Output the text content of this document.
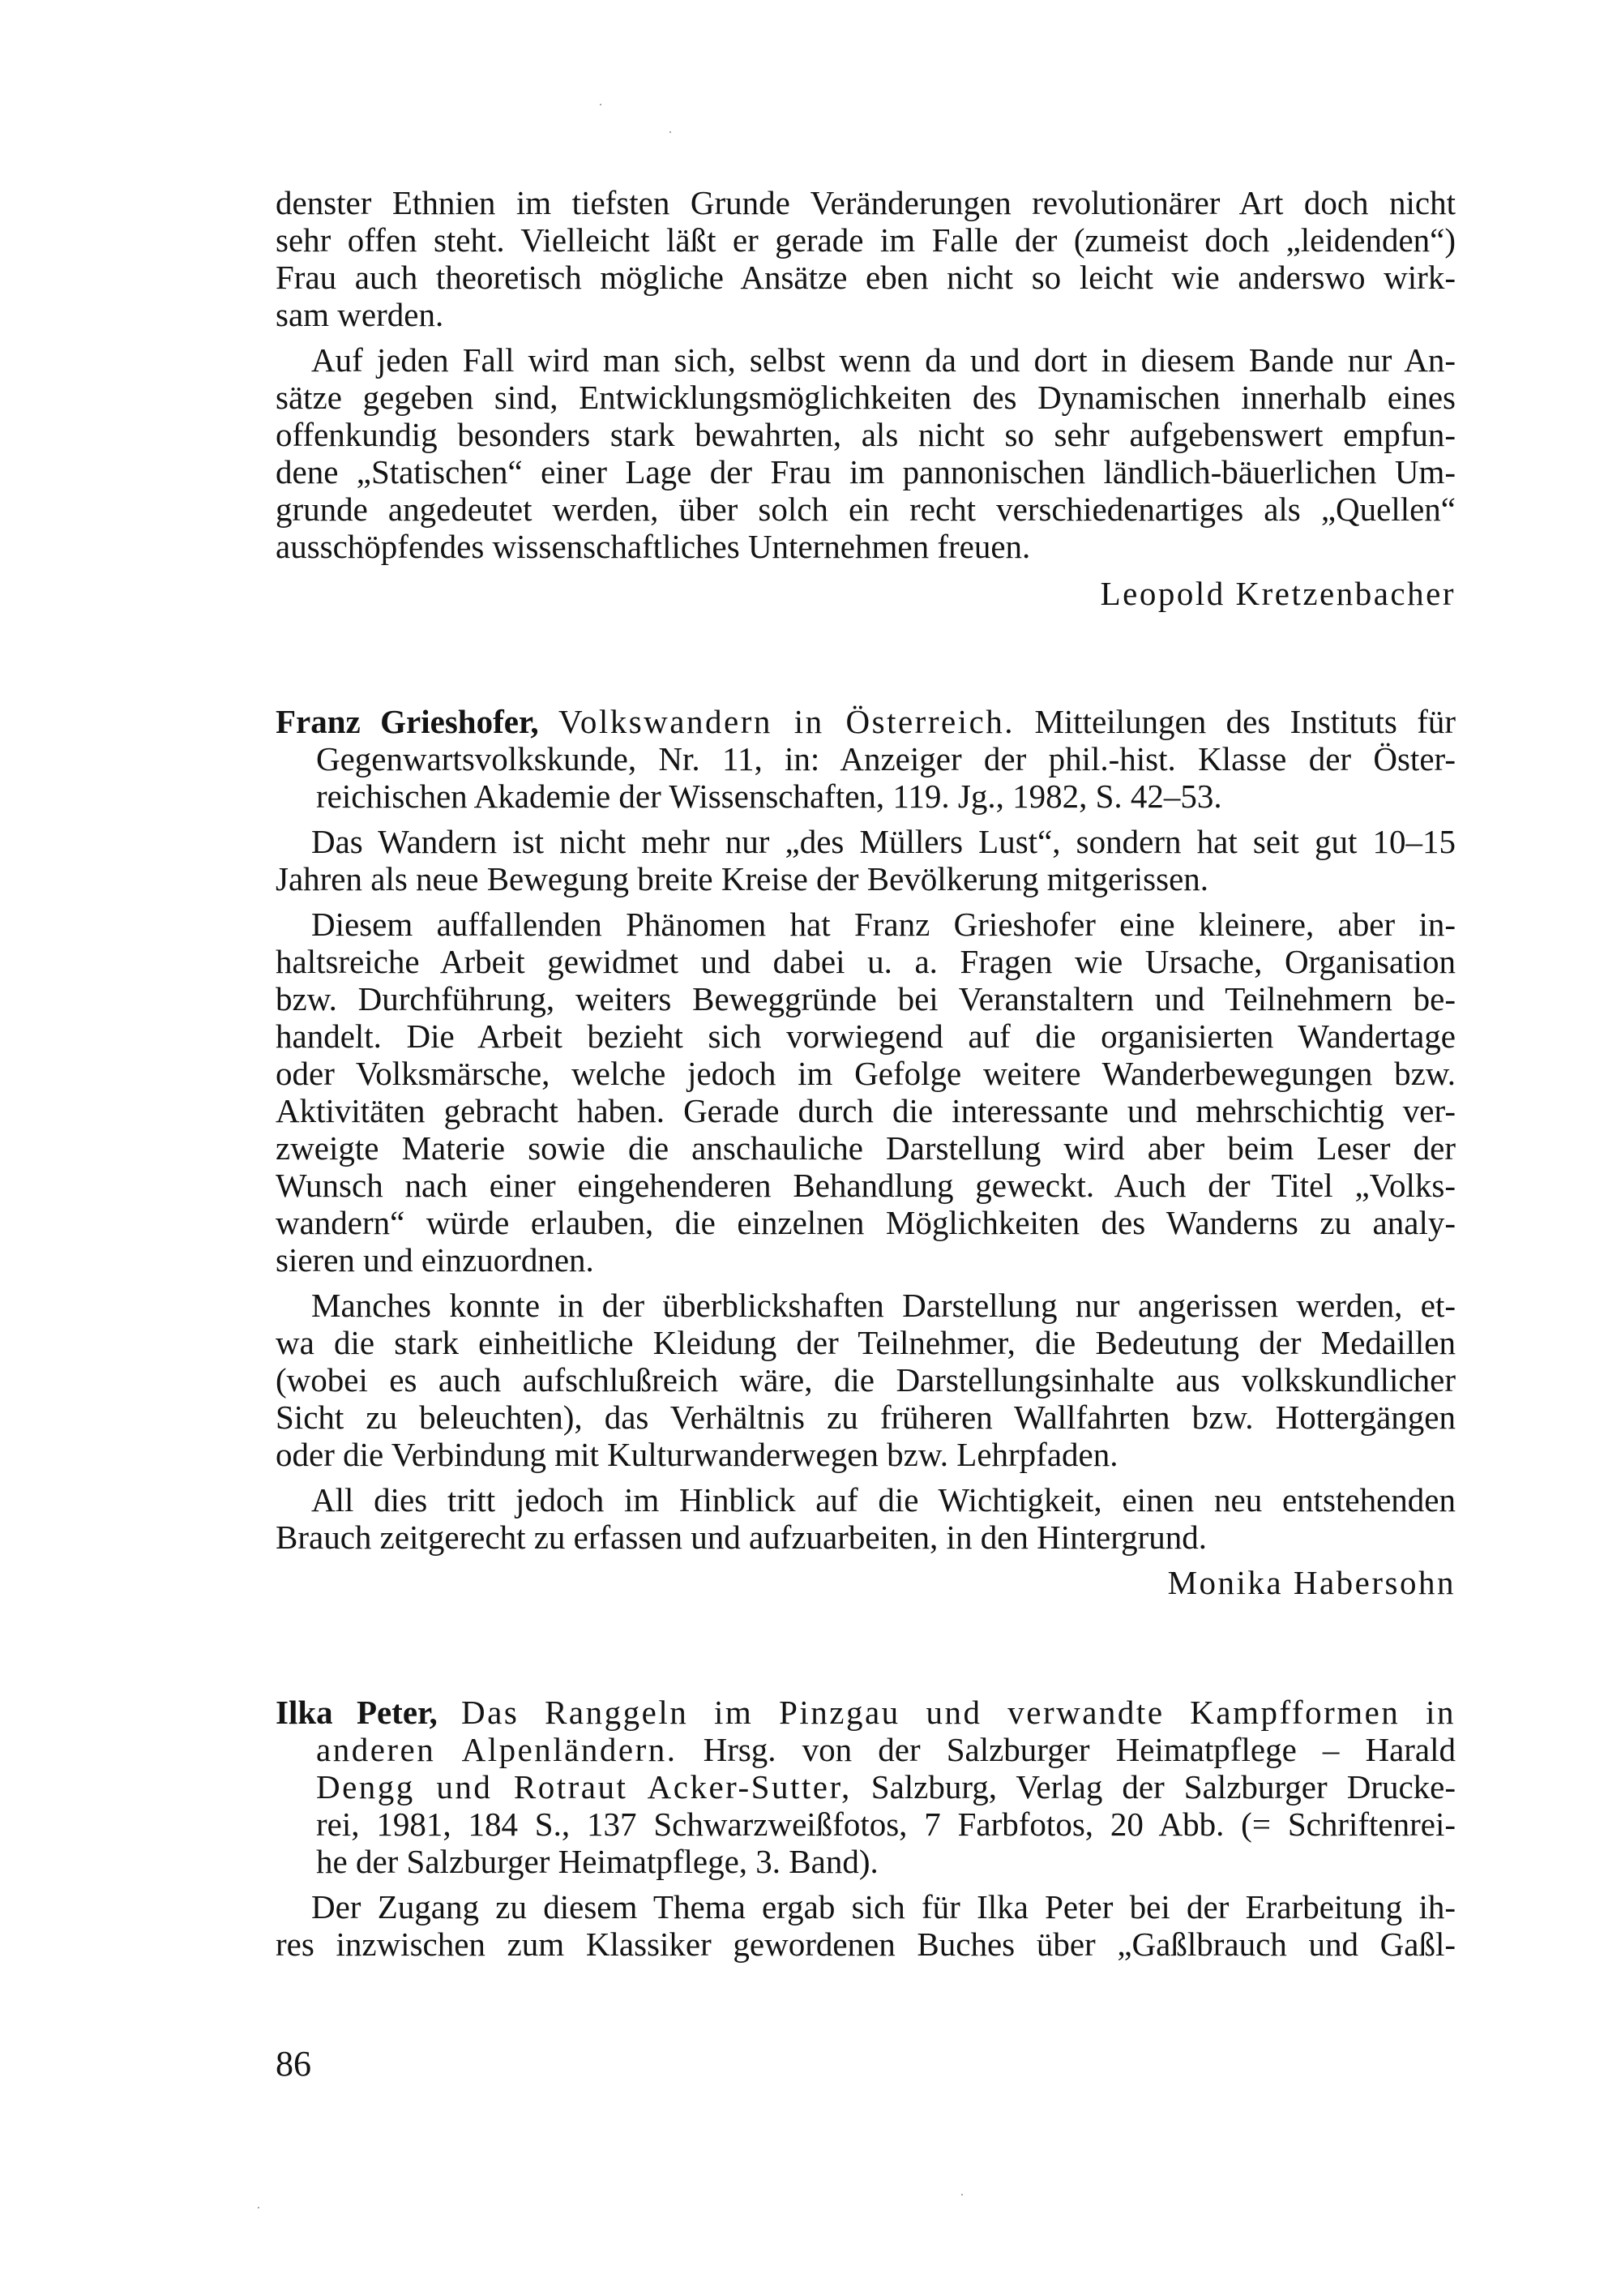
denster Ethnien im tiefsten Grunde Veränderungen revolutionärer Art doch nicht
sehr offen steht. Vielleicht läßt er gerade im Falle der (zumeist doch „leidenden“)
Frau auch theoretisch mögliche Ansätze eben nicht so leicht wie anderswo wirk-
sam werden.
Auf jeden Fall wird man sich, selbst wenn da und dort in diesem Bande nur An-
sätze gegeben sind, Entwicklungsmöglichkeiten des Dynamischen innerhalb eines
offenkundig besonders stark bewahrten, als nicht so sehr aufgebenswert empfun-
dene „Statischen“ einer Lage der Frau im pannonischen ländlich-bäuerlichen Um-
grunde angedeutet werden, über solch ein recht verschiedenartiges als „Quellen“
ausschöpfendes wissenschaftliches Unternehmen freuen.
Leopold Kretzenbacher
Franz Grieshofer, Volkswandern in Österreich. Mitteilungen des Instituts für
Gegenwartsvolkskunde, Nr. 11, in: Anzeiger der phil.-hist. Klasse der Öster-
reichischen Akademie der Wissenschaften, 119. Jg., 1982, S. 42–53.
Das Wandern ist nicht mehr nur „des Müllers Lust“, sondern hat seit gut 10–15
Jahren als neue Bewegung breite Kreise der Bevölkerung mitgerissen.
Diesem auffallenden Phänomen hat Franz Grieshofer eine kleinere, aber in-
haltsreiche Arbeit gewidmet und dabei u. a. Fragen wie Ursache, Organisation
bzw. Durchführung, weiters Beweggründe bei Veranstaltern und Teilnehmern be-
handelt. Die Arbeit bezieht sich vorwiegend auf die organisierten Wandertage
oder Volksmärsche, welche jedoch im Gefolge weitere Wanderbewegungen bzw.
Aktivitäten gebracht haben. Gerade durch die interessante und mehrschichtig ver-
zweigte Materie sowie die anschauliche Darstellung wird aber beim Leser der
Wunsch nach einer eingehenderen Behandlung geweckt. Auch der Titel „Volks-
wandern“ würde erlauben, die einzelnen Möglichkeiten des Wanderns zu analy-
sieren und einzuordnen.
Manches konnte in der überblickshaften Darstellung nur angerissen werden, et-
wa die stark einheitliche Kleidung der Teilnehmer, die Bedeutung der Medaillen
(wobei es auch aufschlußreich wäre, die Darstellungsinhalte aus volkskundlicher
Sicht zu beleuchten), das Verhältnis zu früheren Wallfahrten bzw. Hottergängen
oder die Verbindung mit Kulturwanderwegen bzw. Lehrpfaden.
All dies tritt jedoch im Hinblick auf die Wichtigkeit, einen neu entstehenden
Brauch zeitgerecht zu erfassen und aufzuarbeiten, in den Hintergrund.
Monika Habersohn
Ilka Peter, Das Ranggeln im Pinzgau und verwandte Kampfformen in
anderen Alpenländern. Hrsg. von der Salzburger Heimatpflege – Harald
Dengg und Rotraut Acker-Sutter, Salzburg, Verlag der Salzburger Drucke-
rei, 1981, 184 S., 137 Schwarzweißfotos, 7 Farbfotos, 20 Abb. (= Schriftenrei-
he der Salzburger Heimatpflege, 3. Band).
Der Zugang zu diesem Thema ergab sich für Ilka Peter bei der Erarbeitung ih-
res inzwischen zum Klassiker gewordenen Buches über „Gaßlbrauch und Gaßl-
86
